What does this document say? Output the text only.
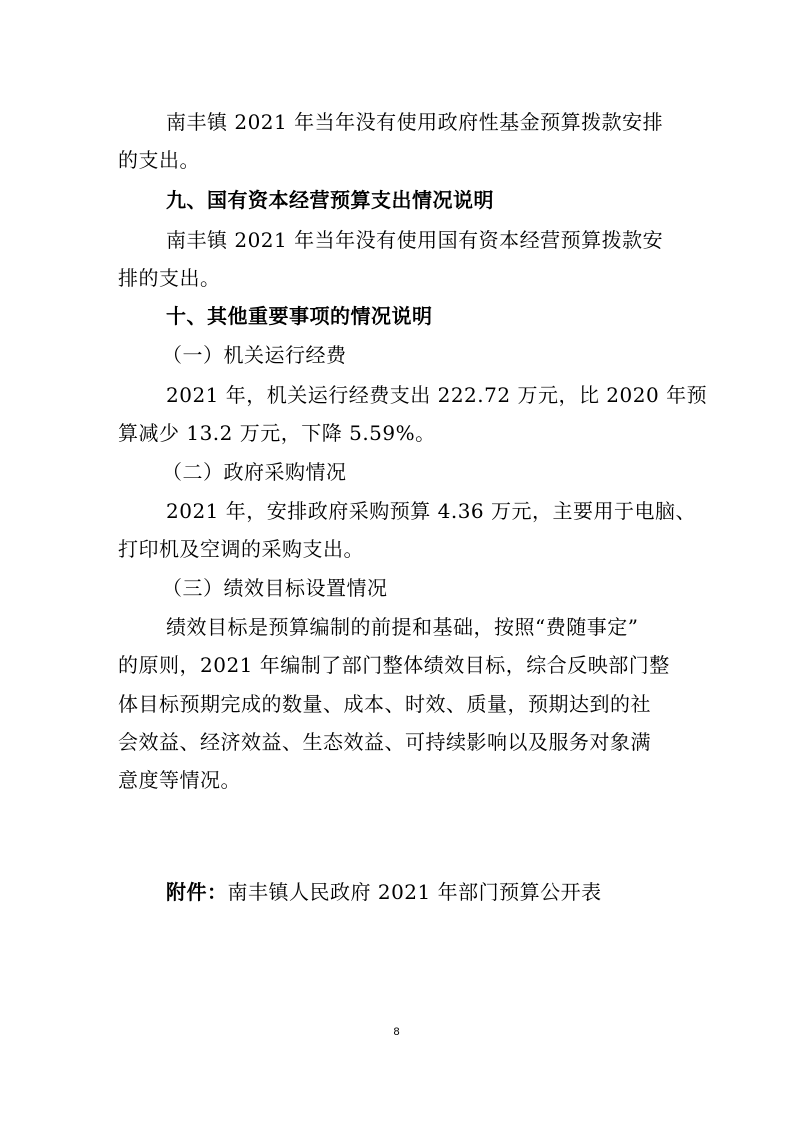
南丰镇 2021 年当年没有使用政府性基金预算拨款安排
的支出。
九、国有资本经营预算支出情况说明
南丰镇 2021 年当年没有使用国有资本经营预算拨款安
排的支出。
十、其他重要事项的情况说明
（一）机关运行经费
2021 年，机关运行经费支出 222.72 万元，比 2020 年预
算减少 13.2 万元，下降 5.59%。
（二）政府采购情况
2021 年，安排政府采购预算 4.36 万元，主要用于电脑、
打印机及空调的采购支出。
（三）绩效目标设置情况
绩效目标是预算编制的前提和基础，按照“费随事定”
的原则，2021 年编制了部门整体绩效目标，综合反映部门整
体目标预期完成的数量、成本、时效、质量，预期达到的社
会效益、经济效益、生态效益、可持续影响以及服务对象满
意度等情况。
附件：南丰镇人民政府 2021 年部门预算公开表
8
